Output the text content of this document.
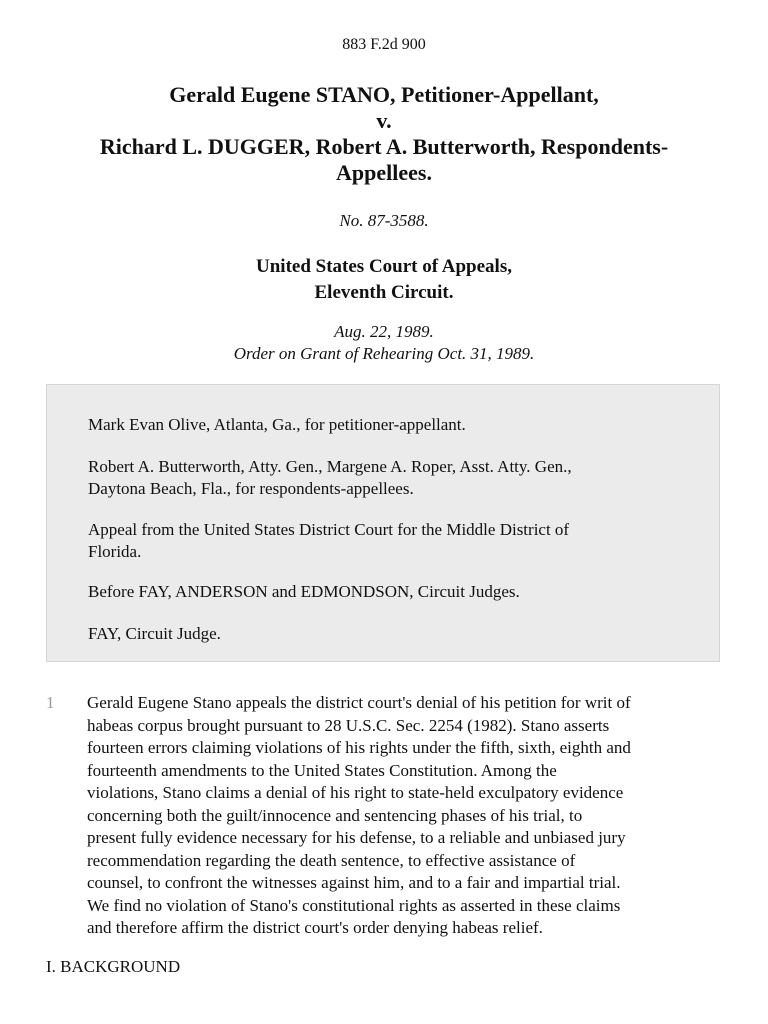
883 F.2d 900
Gerald Eugene STANO, Petitioner-Appellant,
v.
Richard L. DUGGER, Robert A. Butterworth, Respondents-
Appellees.
No. 87-3588.
United States Court of Appeals,
Eleventh Circuit.
Aug. 22, 1989.
Order on Grant of Rehearing Oct. 31, 1989.
Mark Evan Olive, Atlanta, Ga., for petitioner-appellant.
Robert A. Butterworth, Atty. Gen., Margene A. Roper, Asst. Atty. Gen.,
Daytona Beach, Fla., for respondents-appellees.
Appeal from the United States District Court for the Middle District of
Florida.
Before FAY, ANDERSON and EDMONDSON, Circuit Judges.
FAY, Circuit Judge.
1 Gerald Eugene Stano appeals the district court's denial of his petition for writ of
habeas corpus brought pursuant to 28 U.S.C. Sec. 2254 (1982). Stano asserts
fourteen errors claiming violations of his rights under the fifth, sixth, eighth and
fourteenth amendments to the United States Constitution. Among the
violations, Stano claims a denial of his right to state-held exculpatory evidence
concerning both the guilt/innocence and sentencing phases of his trial, to
present fully evidence necessary for his defense, to a reliable and unbiased jury
recommendation regarding the death sentence, to effective assistance of
counsel, to confront the witnesses against him, and to a fair and impartial trial.
We find no violation of Stano's constitutional rights as asserted in these claims
and therefore affirm the district court's order denying habeas relief.
I. BACKGROUND
